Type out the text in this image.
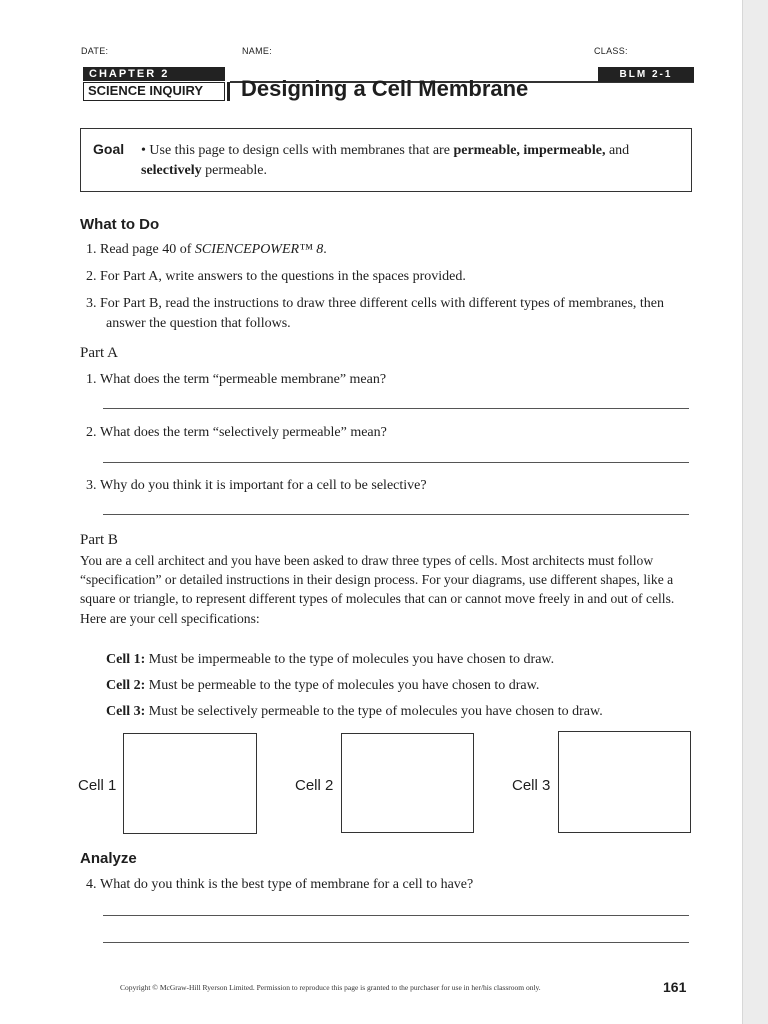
DATE:	NAME:	CLASS:
CHAPTER 2
SCIENCE INQUIRY
BLM 2-1
Designing a Cell Membrane
Goal • Use this page to design cells with membranes that are permeable, impermeable, and selectively permeable.
What to Do
1. Read page 40 of SCIENCEPOWER™ 8.
2. For Part A, write answers to the questions in the spaces provided.
3. For Part B, read the instructions to draw three different cells with different types of membranes, then answer the question that follows.
Part A
1. What does the term “permeable membrane” mean?
2. What does the term “selectively permeable” mean?
3. Why do you think it is important for a cell to be selective?
Part B
You are a cell architect and you have been asked to draw three types of cells. Most architects must follow “specification” or detailed instructions in their design process. For your diagrams, use different shapes, like a square or triangle, to represent different types of molecules that can or cannot move freely in and out of cells. Here are your cell specifications:
Cell 1: Must be impermeable to the type of molecules you have chosen to draw.
Cell 2: Must be permeable to the type of molecules you have chosen to draw.
Cell 3: Must be selectively permeable to the type of molecules you have chosen to draw.
Cell 1	Cell 2	Cell 3
Analyze
4. What do you think is the best type of membrane for a cell to have?
Copyright © McGraw-Hill Ryerson Limited. Permission to reproduce this page is granted to the purchaser for use in her/his classroom only.	161
